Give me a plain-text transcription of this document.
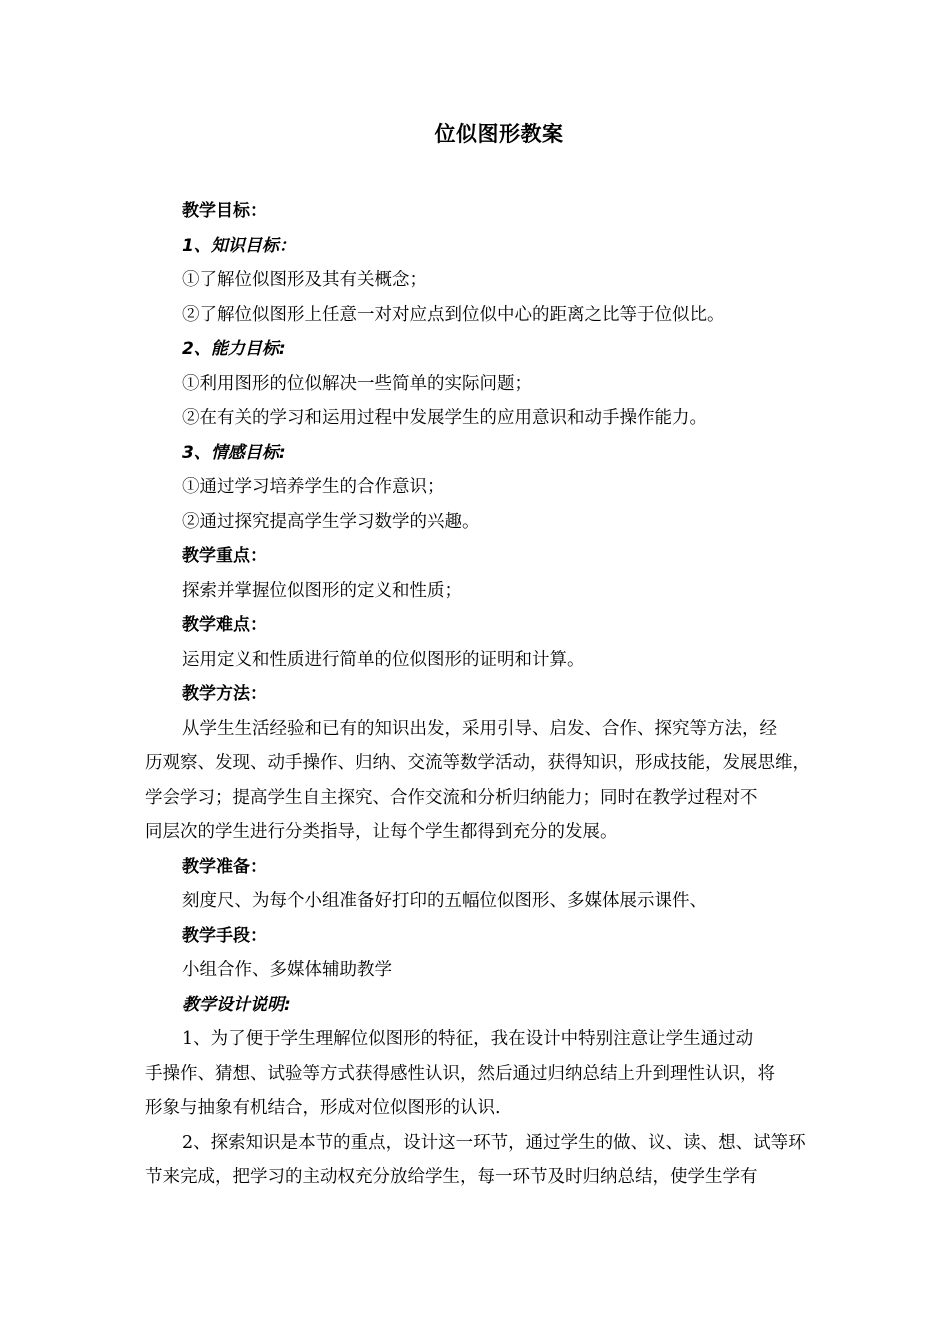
位似图形教案

教学目标：

1、知识目标：

①了解位似图形及其有关概念；

②了解位似图形上任意一对对应点到位似中心的距离之比等于位似比。

2、能力目标:

①利用图形的位似解决一些简单的实际问题；

②在有关的学习和运用过程中发展学生的应用意识和动手操作能力。

3、情感目标:

①通过学习培养学生的合作意识；

②通过探究提高学生学习数学的兴趣。

教学重点：

探索并掌握位似图形的定义和性质；

教学难点：

运用定义和性质进行简单的位似图形的证明和计算。

教学方法：

从学生生活经验和已有的知识出发，采用引导、启发、合作、探究等方法，经

历观察、发现、动手操作、归纳、交流等数学活动，获得知识，形成技能，发展思维，

学会学习；提高学生自主探究、合作交流和分析归纳能力；同时在教学过程对不

同层次的学生进行分类指导，让每个学生都得到充分的发展。

教学准备：

刻度尺、为每个小组准备好打印的五幅位似图形、多媒体展示课件、

教学手段：

小组合作、多媒体辅助教学

教学设计说明:

1、为了便于学生理解位似图形的特征，我在设计中特别注意让学生通过动

手操作、猜想、试验等方式获得感性认识，然后通过归纳总结上升到理性认识，将

形象与抽象有机结合，形成对位似图形的认识.

2、探索知识是本节的重点，设计这一环节，通过学生的做、议、读、想、试等环

节来完成，把学习的主动权充分放给学生，每一环节及时归纳总结，使学生学有
